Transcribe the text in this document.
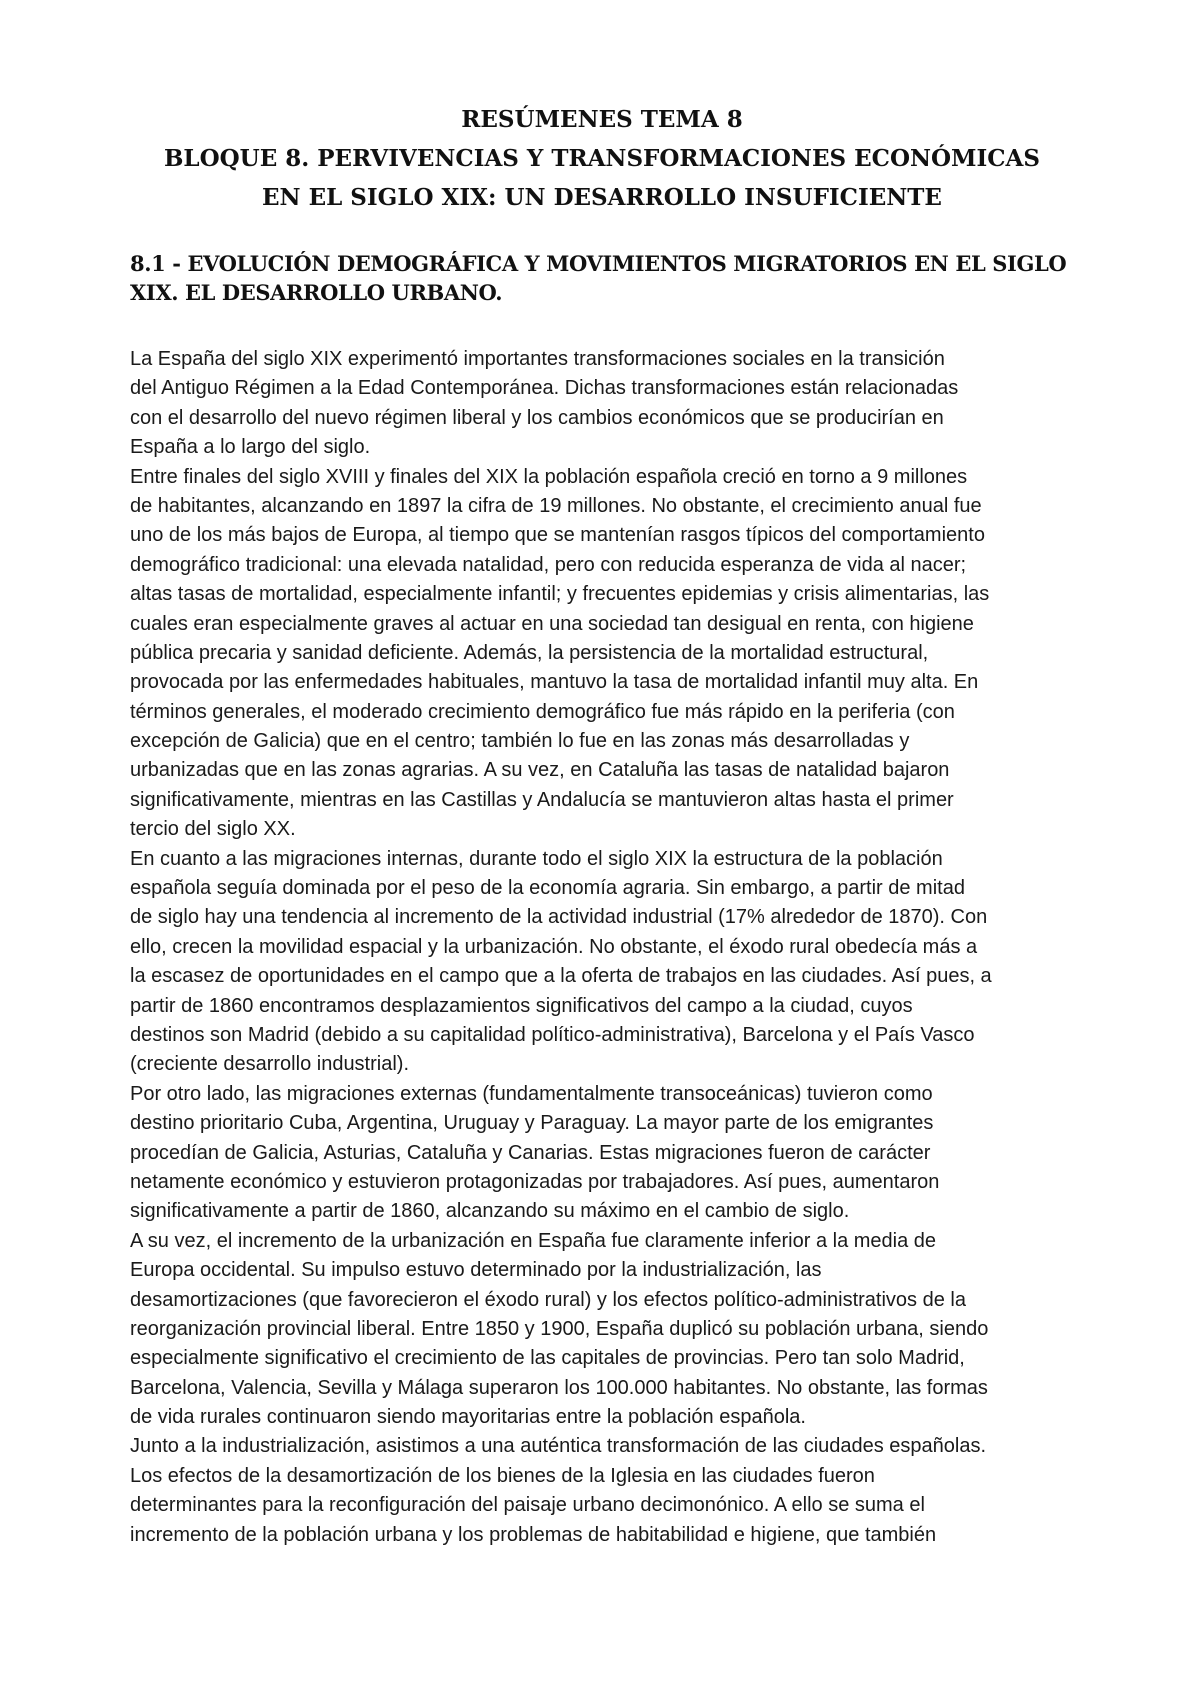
RESÚMENES TEMA 8
BLOQUE 8. PERVIVENCIAS Y TRANSFORMACIONES ECONÓMICAS
EN EL SIGLO XIX: UN DESARROLLO INSUFICIENTE
8.1 - EVOLUCIÓN DEMOGRÁFICA Y MOVIMIENTOS MIGRATORIOS EN EL SIGLO
XIX. EL DESARROLLO URBANO.
La España del siglo XIX experimentó importantes transformaciones sociales en la transición
del Antiguo Régimen a la Edad Contemporánea. Dichas transformaciones están relacionadas
con el desarrollo del nuevo régimen liberal y los cambios económicos que se producirían en
España a lo largo del siglo.
Entre finales del siglo XVIII y finales del XIX la población española creció en torno a 9 millones
de habitantes, alcanzando en 1897 la cifra de 19 millones. No obstante, el crecimiento anual fue
uno de los más bajos de Europa, al tiempo que se mantenían rasgos típicos del comportamiento
demográfico tradicional: una elevada natalidad, pero con reducida esperanza de vida al nacer;
altas tasas de mortalidad, especialmente infantil; y frecuentes epidemias y crisis alimentarias, las
cuales eran especialmente graves al actuar en una sociedad tan desigual en renta, con higiene
pública precaria y sanidad deficiente. Además, la persistencia de la mortalidad estructural,
provocada por las enfermedades habituales, mantuvo la tasa de mortalidad infantil muy alta. En
términos generales, el moderado crecimiento demográfico fue más rápido en la periferia (con
excepción de Galicia) que en el centro; también lo fue en las zonas más desarrolladas y
urbanizadas que en las zonas agrarias. A su vez, en Cataluña las tasas de natalidad bajaron
significativamente, mientras en las Castillas y Andalucía se mantuvieron altas hasta el primer
tercio del siglo XX.
En cuanto a las migraciones internas, durante todo el siglo XIX la estructura de la población
española seguía dominada por el peso de la economía agraria. Sin embargo, a partir de mitad
de siglo hay una tendencia al incremento de la actividad industrial (17% alrededor de 1870). Con
ello, crecen la movilidad espacial y la urbanización. No obstante, el éxodo rural obedecía más a
la escasez de oportunidades en el campo que a la oferta de trabajos en las ciudades. Así pues, a
partir de 1860 encontramos desplazamientos significativos del campo a la ciudad, cuyos
destinos son Madrid (debido a su capitalidad político-administrativa), Barcelona y el País Vasco
(creciente desarrollo industrial).
Por otro lado, las migraciones externas (fundamentalmente transoceánicas) tuvieron como
destino prioritario Cuba, Argentina, Uruguay y Paraguay. La mayor parte de los emigrantes
procedían de Galicia, Asturias, Cataluña y Canarias. Estas migraciones fueron de carácter
netamente económico y estuvieron protagonizadas por trabajadores. Así pues, aumentaron
significativamente a partir de 1860, alcanzando su máximo en el cambio de siglo.
A su vez, el incremento de la urbanización en España fue claramente inferior a la media de
Europa occidental. Su impulso estuvo determinado por la industrialización, las
desamortizaciones (que favorecieron el éxodo rural) y los efectos político-administrativos de la
reorganización provincial liberal. Entre 1850 y 1900, España duplicó su población urbana, siendo
especialmente significativo el crecimiento de las capitales de provincias. Pero tan solo Madrid,
Barcelona, Valencia, Sevilla y Málaga superaron los 100.000 habitantes. No obstante, las formas
de vida rurales continuaron siendo mayoritarias entre la población española.
Junto a la industrialización, asistimos a una auténtica transformación de las ciudades españolas.
Los efectos de la desamortización de los bienes de la Iglesia en las ciudades fueron
determinantes para la reconfiguración del paisaje urbano decimonónico. A ello se suma el
incremento de la población urbana y los problemas de habitabilidad e higiene, que también
